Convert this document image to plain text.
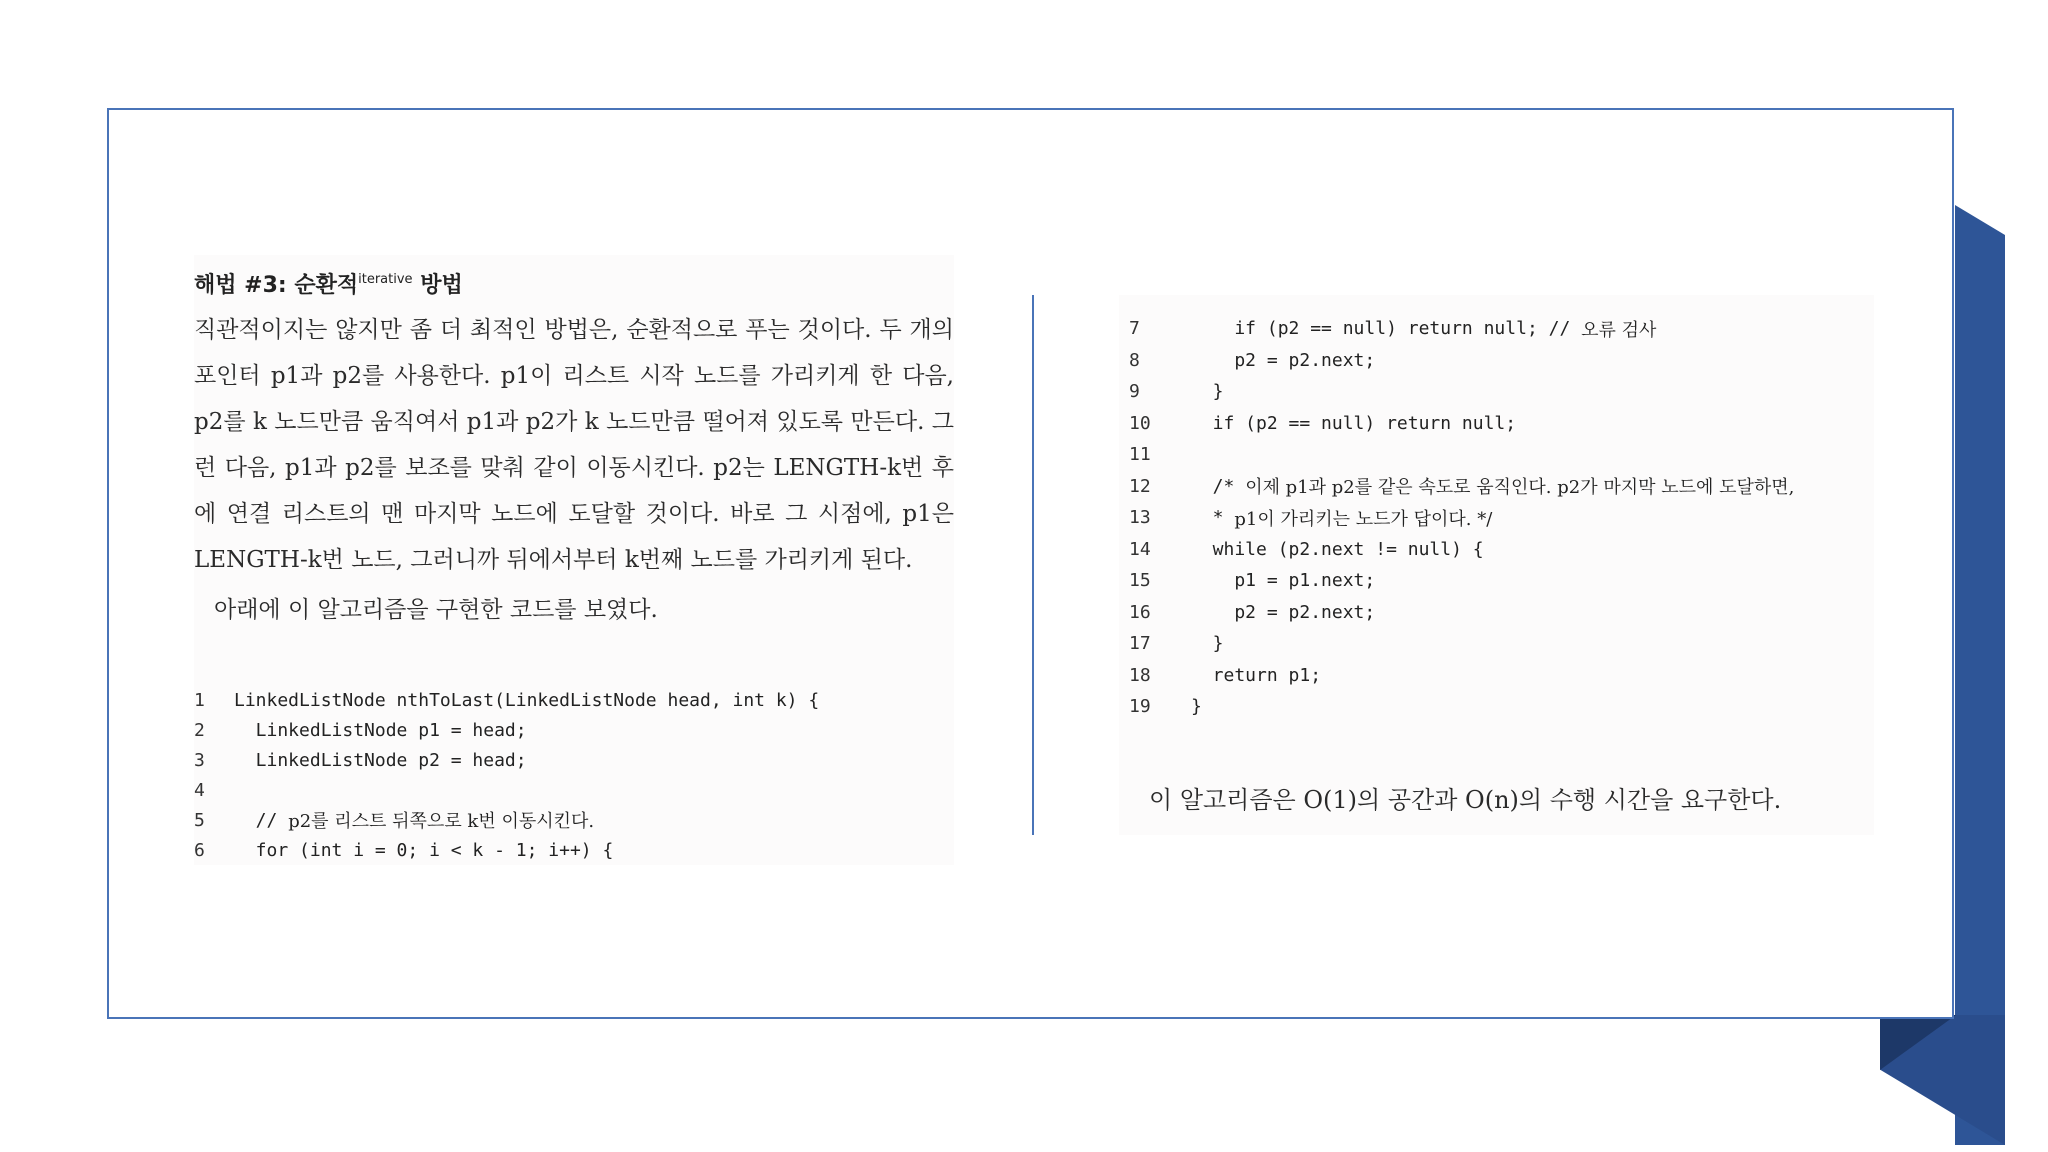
해법 #3: 순환적$^{iterative}$ 방법
직관적이지는 않지만 좀 더 최적인 방법은, 순환적으로 푸는 것이다. 두 개의 포인터 p1과 p2를 사용한다. p1이 리스트 시작 노드를 가리키게 한 다음, p2를 k 노드만큼 움직여서 p1과 p2가 k 노드만큼 떨어져 있도록 만든다. 그런 다음, p1과 p2를 보조를 맞춰 같이 이동시킨다. p2는 LENGTH-k번 후에 연결 리스트의 맨 마지막 노드에 도달할 것이다. 바로 그 시점에, p1은 LENGTH-k번 노드, 그러니까 뒤에서부터 k번째 노드를 가리키게 된다.
아래에 이 알고리즘을 구현한 코드를 보였다.
1	LinkedListNode nthToLast(LinkedListNode head, int k) {
2	LinkedListNode p1 = head;
3	LinkedListNode p2 = head;
4
5	// p2를 리스트 뒤쪽으로 k번 이동시킨다.
6	for (int i = 0; i < k - 1; i++) {
7	if (p2 == null) return null; // 오류 검사
8	p2 = p2.next;
9	}
10	if (p2 == null) return null;
11
12	/* 이제 p1과 p2를 같은 속도로 움직인다. p2가 마지막 노드에 도달하면,
13	* p1이 가리키는 노드가 답이다. */
14	while (p2.next != null) {
15	p1 = p1.next;
16	p2 = p2.next;
17	}
18	return p1;
19	}
이 알고리즘은 O(1)의 공간과 O(n)의 수행 시간을 요구한다.
